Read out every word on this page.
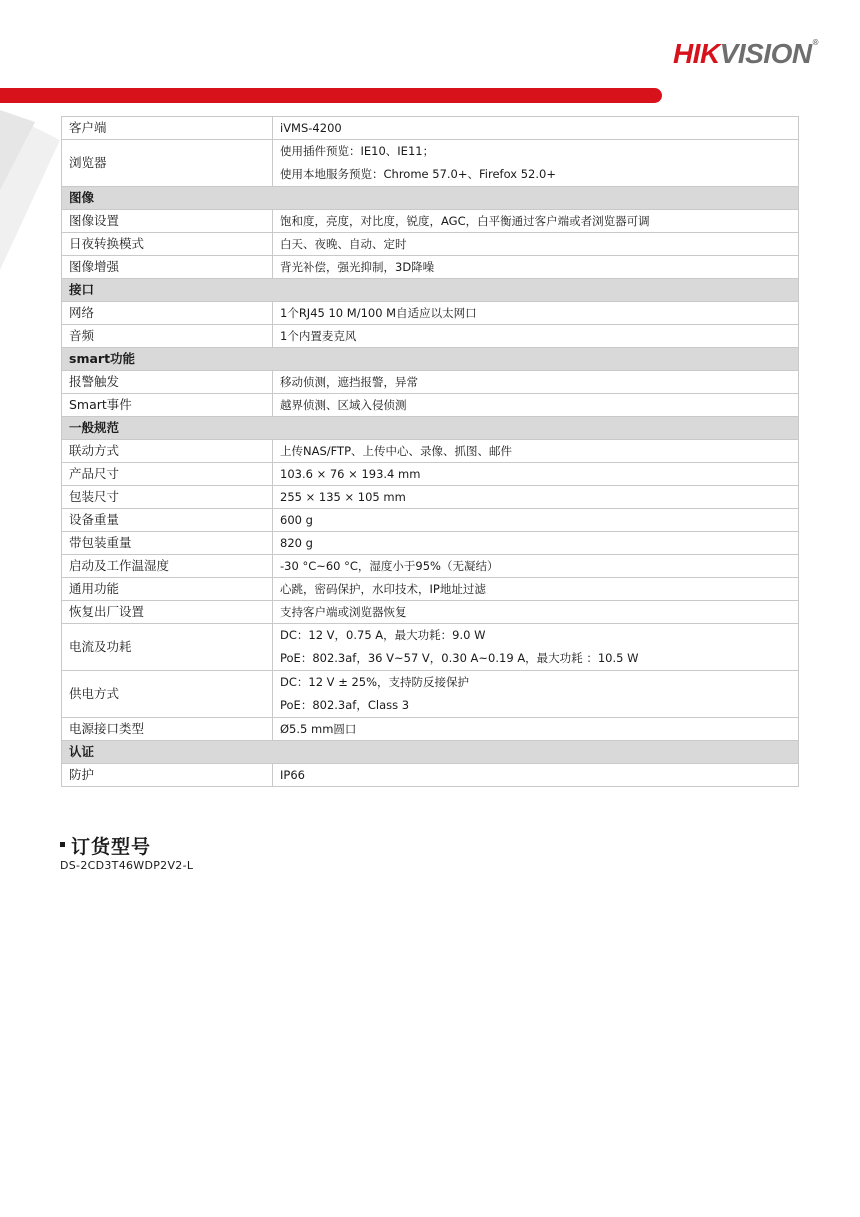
HIKVISION®
客户端	iVMS-4200

浏览器	使用插件预览：IE10、IE11；
使用本地服务预览：Chrome 57.0+、Firefox 52.0+

图像	
图像设置	饱和度，亮度，对比度，锐度，AGC，白平衡通过客户端或者浏览器可调

日夜转换模式	白天、夜晚、自动、定时

图像增强	背光补偿，强光抑制，3D降噪

接口	
网络	1个RJ45 10 M/100 M自适应以太网口

音频	1个内置麦克风

smart功能	
报警触发	移动侦测，遮挡报警，异常

Smart事件	越界侦测、区域入侵侦测

一般规范	
联动方式	上传NAS/FTP、上传中心、录像、抓图、邮件

产品尺寸	103.6 × 76 × 193.4 mm

包装尺寸	255 × 135 × 105 mm

设备重量	600 g

带包装重量	820 g

启动及工作温湿度	-30 °C~60 °C，湿度小于95%（无凝结）

通用功能	心跳，密码保护，水印技术，IP地址过滤

恢复出厂设置	支持客户端或浏览器恢复

电流及功耗	DC：12 V，0.75 A，最大功耗：9.0 W
PoE：802.3af，36 V~57 V，0.30 A~0.19 A，最大功耗 ：10.5 W

供电方式	DC：12 V ± 25%，支持防反接保护
PoE：802.3af，Class 3

电源接口类型	Ø5.5 mm圆口

认证	
防护	IP66
订货型号
DS-2CD3T46WDP2V2-L
